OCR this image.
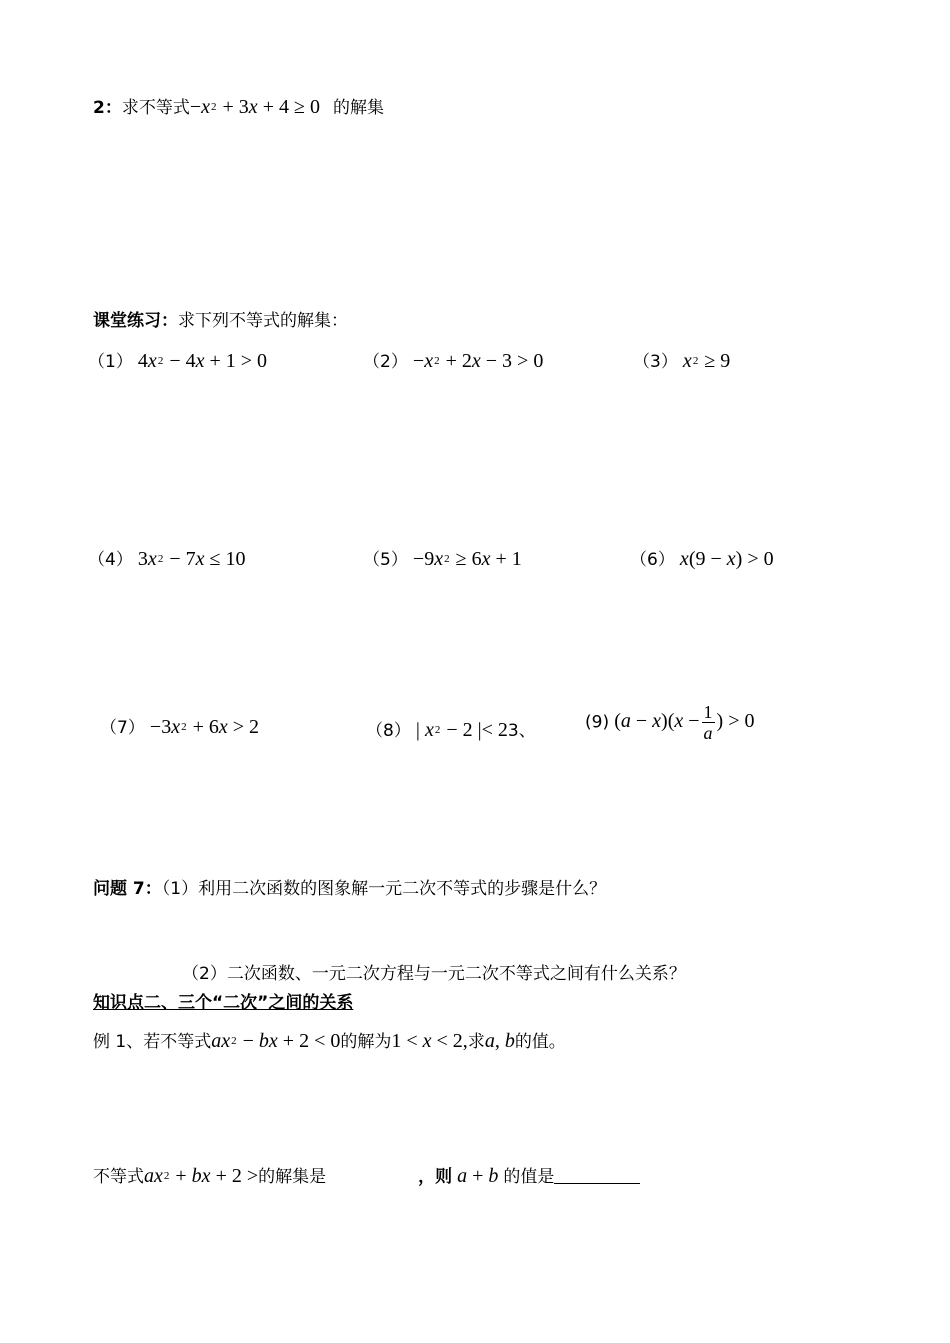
2：求不等式$-x^2 + 3x + 4 \ge 0$ 的解集
课堂练习：求下列不等式的解集：
（1） $4x^2 - 4x + 1 > 0$	$(2) -x^2 + 2x - 3 > 0$	（3） $x^2 \ge 9$
（4） $3x^2 - 7x \le 10$	$(5) -9x^2 \ge 6x + 1$	（6） x(9 − x) > 0
$(7) -3x^2 + 6x > 2$	（8） | $x^2 - 2$ |< 23、	(9) $(a - x)(x - \frac{1}{a}$ ) > 0
问题 7：（1）利用二次函数的图象解一元二次不等式的步骤是什么？
（2）二次函数、一元二次方程与一元二次不等式之间有什么关系？
知识点二、三个“二次”之间的关系
例 1、若不等式$ax^2$ − bx + 2 < 0的解为1 < x < 2,求a, b的值。
不等式$ax^2$ + bx + 2 >的解集是	，则 a + b 的值是
